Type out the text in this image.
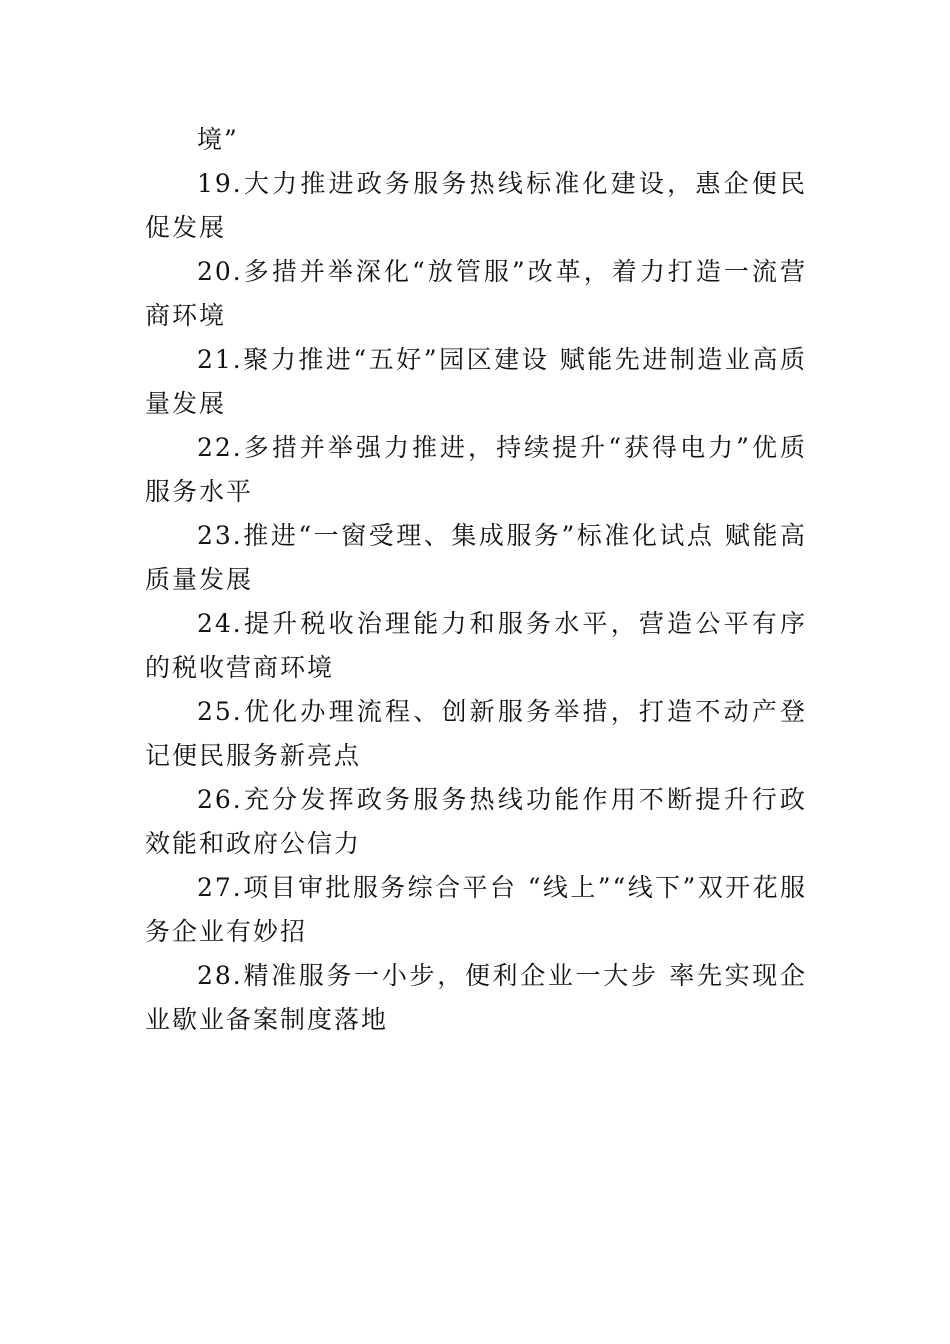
境”

19.大力推进政务服务热线标准化建设，惠企便民促发展

20.多措并举深化“放管服”改革，着力打造一流营商环境

21.聚力推进“五好”园区建设 赋能先进制造业高质量发展

22.多措并举强力推进，持续提升“获得电力”优质服务水平

23.推进“一窗受理、集成服务”标准化试点 赋能高质量发展

24.提升税收治理能力和服务水平，营造公平有序的税收营商环境

25.优化办理流程、创新服务举措，打造不动产登记便民服务新亮点

26.充分发挥政务服务热线功能作用不断提升行政效能和政府公信力

27.项目审批服务综合平台 “线上”“线下”双开花服务企业有妙招

28.精准服务一小步，便利企业一大步 率先实现企业歇业备案制度落地
